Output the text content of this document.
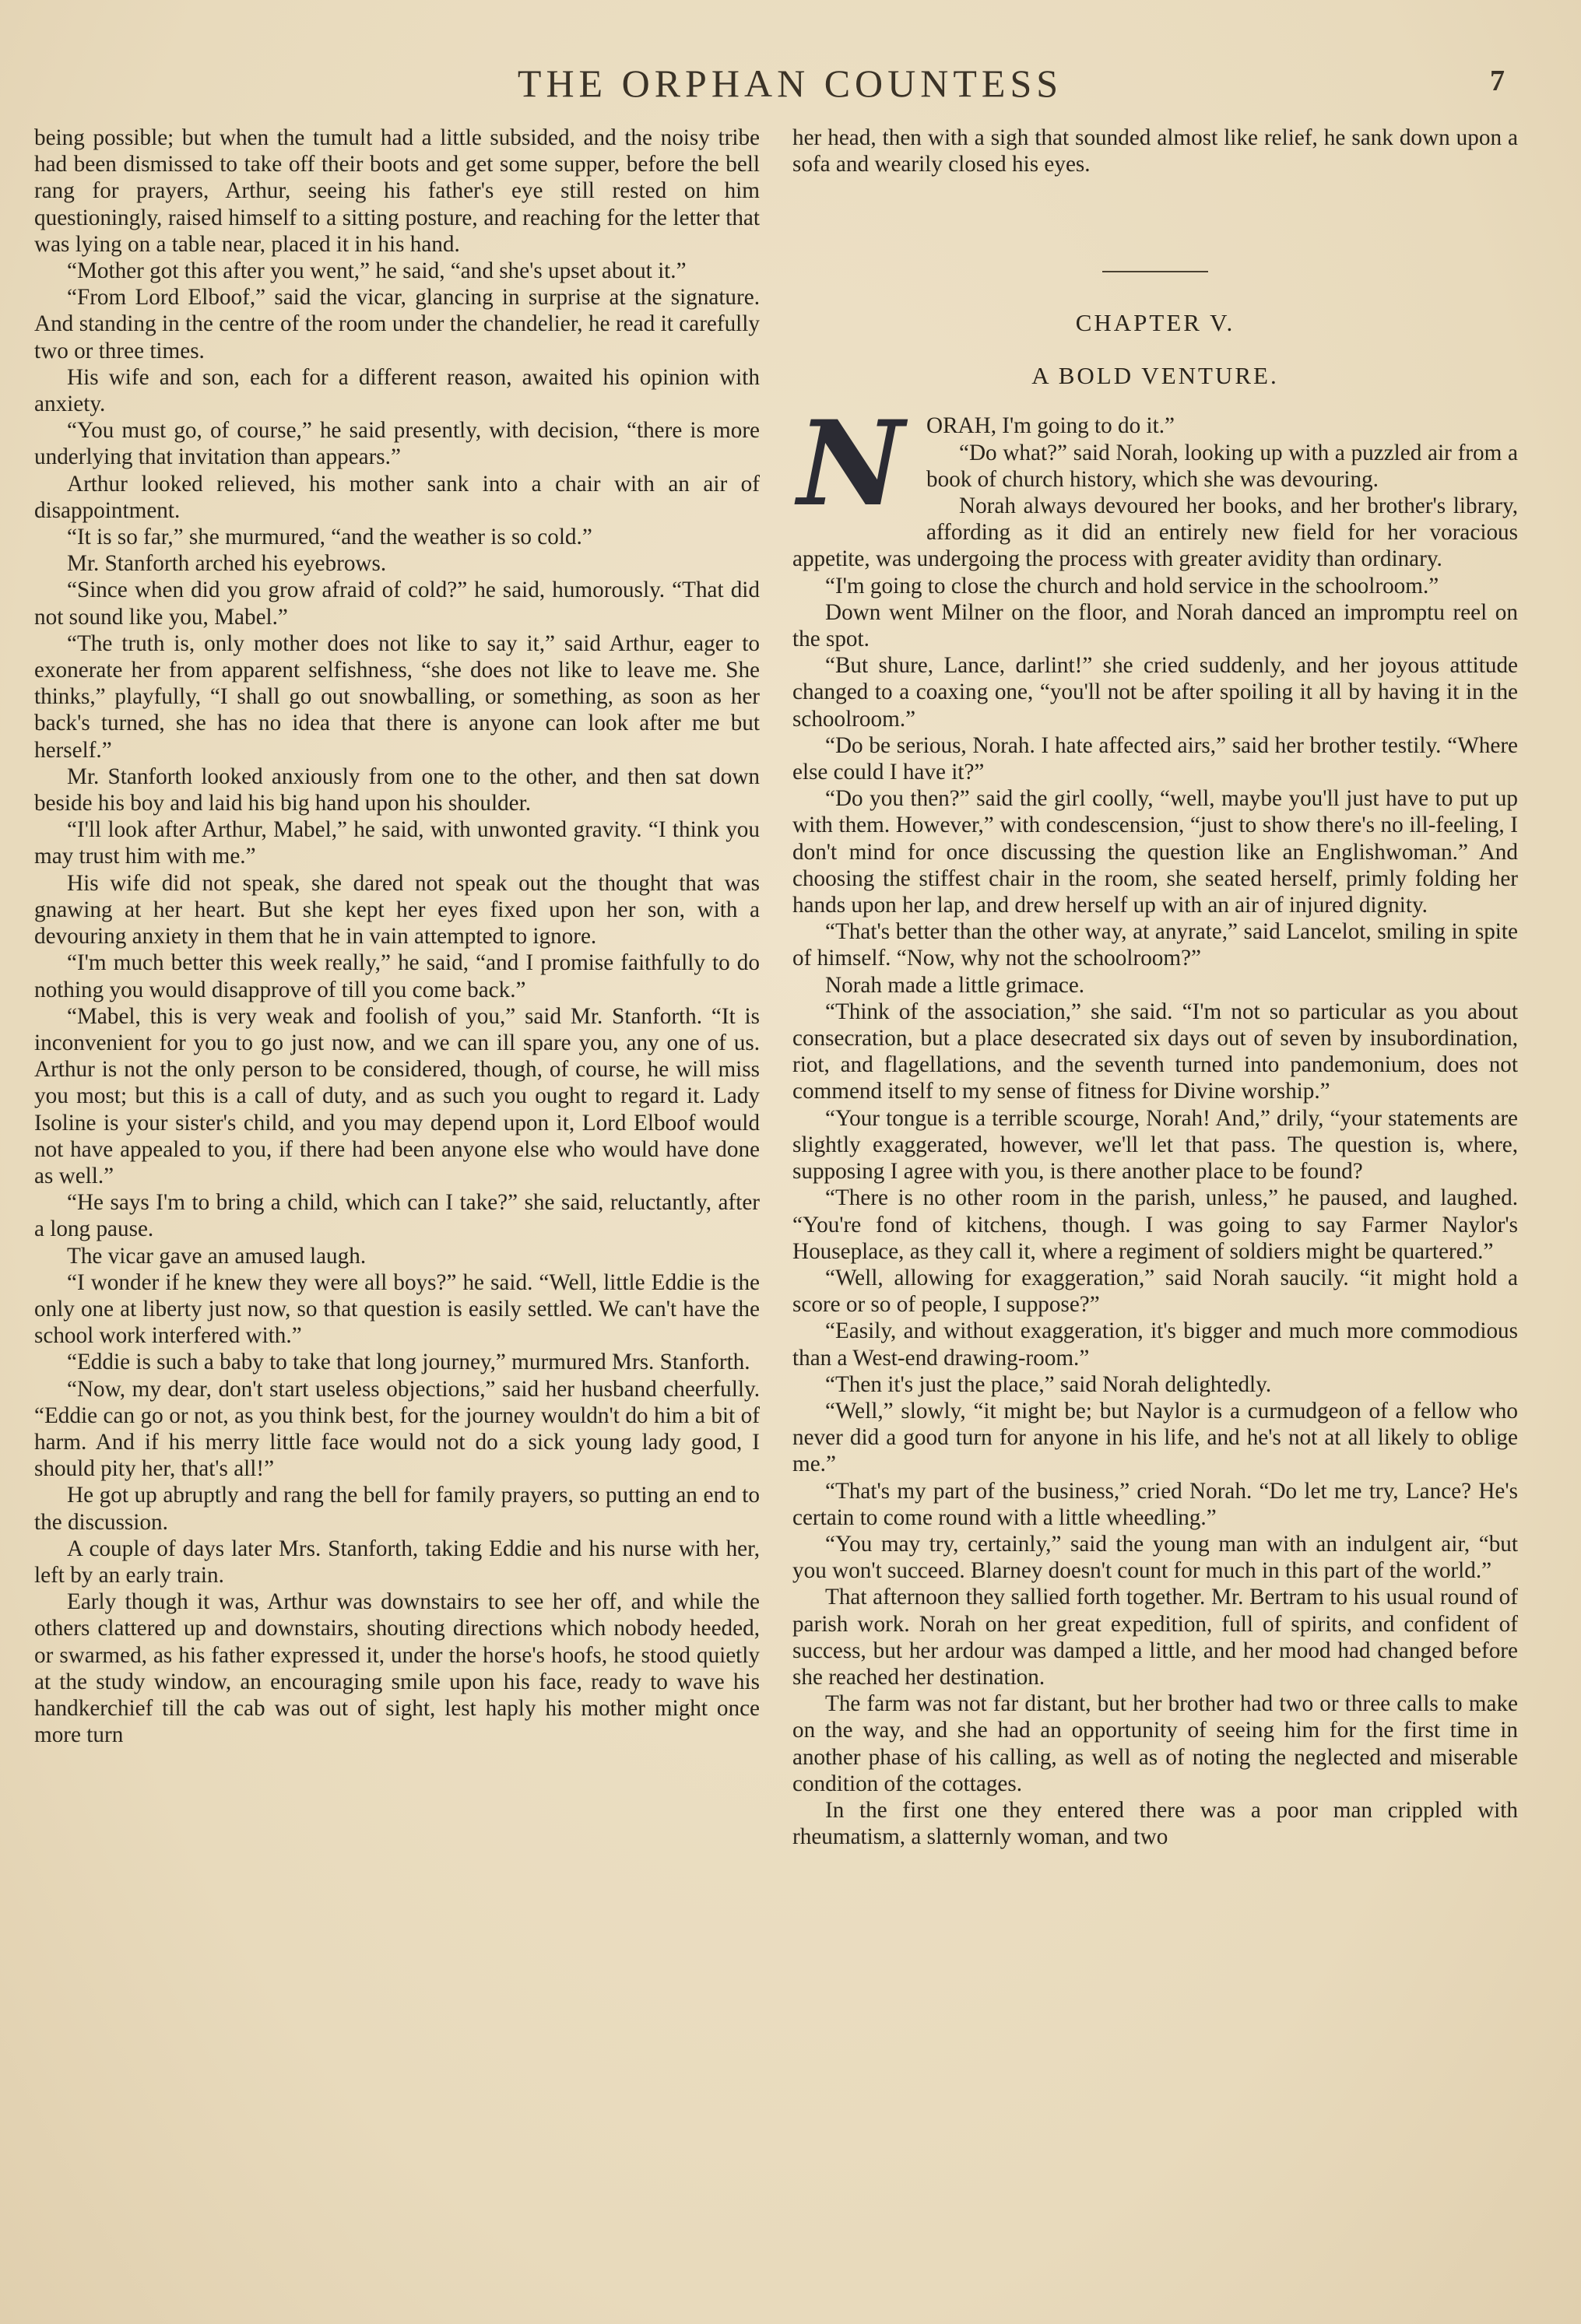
THE ORPHAN COUNTESS	7

being possible; but when the tumult had a little subsided, and the noisy tribe had been dismissed to take off their boots and get some supper, before the bell rang for prayers, Arthur, seeing his father's eye still rested on him questioningly, raised himself to a sitting posture, and reaching for the letter that was lying on a table near, placed it in his hand.

“Mother got this after you went,” he said, “and she's upset about it.”

“From Lord Elboof,” said the vicar, glancing in surprise at the signature. And standing in the centre of the room under the chandelier, he read it carefully two or three times.

His wife and son, each for a different reason, awaited his opinion with anxiety.

“You must go, of course,” he said presently, with decision, “there is more underlying that invitation than appears.”

Arthur looked relieved, his mother sank into a chair with an air of disappointment.

“It is so far,” she murmured, “and the weather is so cold.”

Mr. Stanforth arched his eyebrows.

“Since when did you grow afraid of cold?” he said, humorously. “That did not sound like you, Mabel.”

“The truth is, only mother does not like to say it,” said Arthur, eager to exonerate her from apparent selfishness, “she does not like to leave me. She thinks,” playfully, “I shall go out snowballing, or something, as soon as her back's turned, she has no idea that there is anyone can look after me but herself.”

Mr. Stanforth looked anxiously from one to the other, and then sat down beside his boy and laid his big hand upon his shoulder.

“I'll look after Arthur, Mabel,” he said, with unwonted gravity. “I think you may trust him with me.”

His wife did not speak, she dared not speak out the thought that was gnawing at her heart. But she kept her eyes fixed upon her son, with a devouring anxiety in them that he in vain attempted to ignore.

“I'm much better this week really,” he said, “and I promise faithfully to do nothing you would disapprove of till you come back.”

“Mabel, this is very weak and foolish of you,” said Mr. Stanforth. “It is inconvenient for you to go just now, and we can ill spare you, any one of us. Arthur is not the only person to be considered, though, of course, he will miss you most; but this is a call of duty, and as such you ought to regard it. Lady Isoline is your sister's child, and you may depend upon it, Lord Elboof would not have appealed to you, if there had been anyone else who would have done as well.”

“He says I'm to bring a child, which can I take?” she said, reluctantly, after a long pause.

The vicar gave an amused laugh.

“I wonder if he knew they were all boys?” he said. “Well, little Eddie is the only one at liberty just now, so that question is easily settled. We can't have the school work interfered with.”

“Eddie is such a baby to take that long journey,” murmured Mrs. Stanforth.

“Now, my dear, don't start useless objections,” said her husband cheerfully. “Eddie can go or not, as you think best, for the journey wouldn't do him a bit of harm. And if his merry little face would not do a sick young lady good, I should pity her, that's all!”

He got up abruptly and rang the bell for family prayers, so putting an end to the discussion.

A couple of days later Mrs. Stanforth, taking Eddie and his nurse with her, left by an early train.

Early though it was, Arthur was downstairs to see her off, and while the others clattered up and downstairs, shouting directions which nobody heeded, or swarmed, as his father expressed it, under the horse's hoofs, he stood quietly at the study window, an encouraging smile upon his face, ready to wave his handkerchief till the cab was out of sight, lest haply his mother might once more turn

her head, then with a sigh that sounded almost like relief, he sank down upon a sofa and wearily closed his eyes.

CHAPTER V.
A BOLD VENTURE.
N ORAH, I'm going to do it.”

“Do what?” said Norah, looking up with a puzzled air from a book of church history, which she was devouring.

Norah always devoured her books, and her brother's library, affording as it did an entirely new field for her voracious appetite, was undergoing the process with greater avidity than ordinary.

“I'm going to close the church and hold service in the schoolroom.”

Down went Milner on the floor, and Norah danced an impromptu reel on the spot.

“But shure, Lance, darlint!” she cried suddenly, and her joyous attitude changed to a coaxing one, “you'll not be after spoiling it all by having it in the schoolroom.”

“Do be serious, Norah. I hate affected airs,” said her brother testily. “Where else could I have it?”

“Do you then?” said the girl coolly, “well, maybe you'll just have to put up with them. However,” with condescension, “just to show there's no ill-feeling, I don't mind for once discussing the question like an Englishwoman.” And choosing the stiffest chair in the room, she seated herself, primly folding her hands upon her lap, and drew herself up with an air of injured dignity.

“That's better than the other way, at anyrate,” said Lancelot, smiling in spite of himself. “Now, why not the schoolroom?”

Norah made a little grimace.

“Think of the association,” she said. “I'm not so particular as you about consecration, but a place desecrated six days out of seven by insubordination, riot, and flagellations, and the seventh turned into pandemonium, does not commend itself to my sense of fitness for Divine worship.”

“Your tongue is a terrible scourge, Norah! And,” drily, “your statements are slightly exaggerated, however, we'll let that pass. The question is, where, supposing I agree with you, is there another place to be found?

“There is no other room in the parish, unless,” he paused, and laughed. “You're fond of kitchens, though. I was going to say Farmer Naylor's Houseplace, as they call it, where a regiment of soldiers might be quartered.”

“Well, allowing for exaggeration,” said Norah saucily. “it might hold a score or so of people, I suppose?”

“Easily, and without exaggeration, it's bigger and much more commodious than a West-end drawing-room.”

“Then it's just the place,” said Norah delightedly.

“Well,” slowly, “it might be; but Naylor is a curmudgeon of a fellow who never did a good turn for anyone in his life, and he's not at all likely to oblige me.”

“That's my part of the business,” cried Norah. “Do let me try, Lance? He's certain to come round with a little wheedling.”

“You may try, certainly,” said the young man with an indulgent air, “but you won't succeed. Blarney doesn't count for much in this part of the world.”

That afternoon they sallied forth together. Mr. Bertram to his usual round of parish work. Norah on her great expedition, full of spirits, and confident of success, but her ardour was damped a little, and her mood had changed before she reached her destination.

The farm was not far distant, but her brother had two or three calls to make on the way, and she had an opportunity of seeing him for the first time in another phase of his calling, as well as of noting the neglected and miserable condition of the cottages.

In the first one they entered there was a poor man crippled with rheumatism, a slatternly woman, and two
